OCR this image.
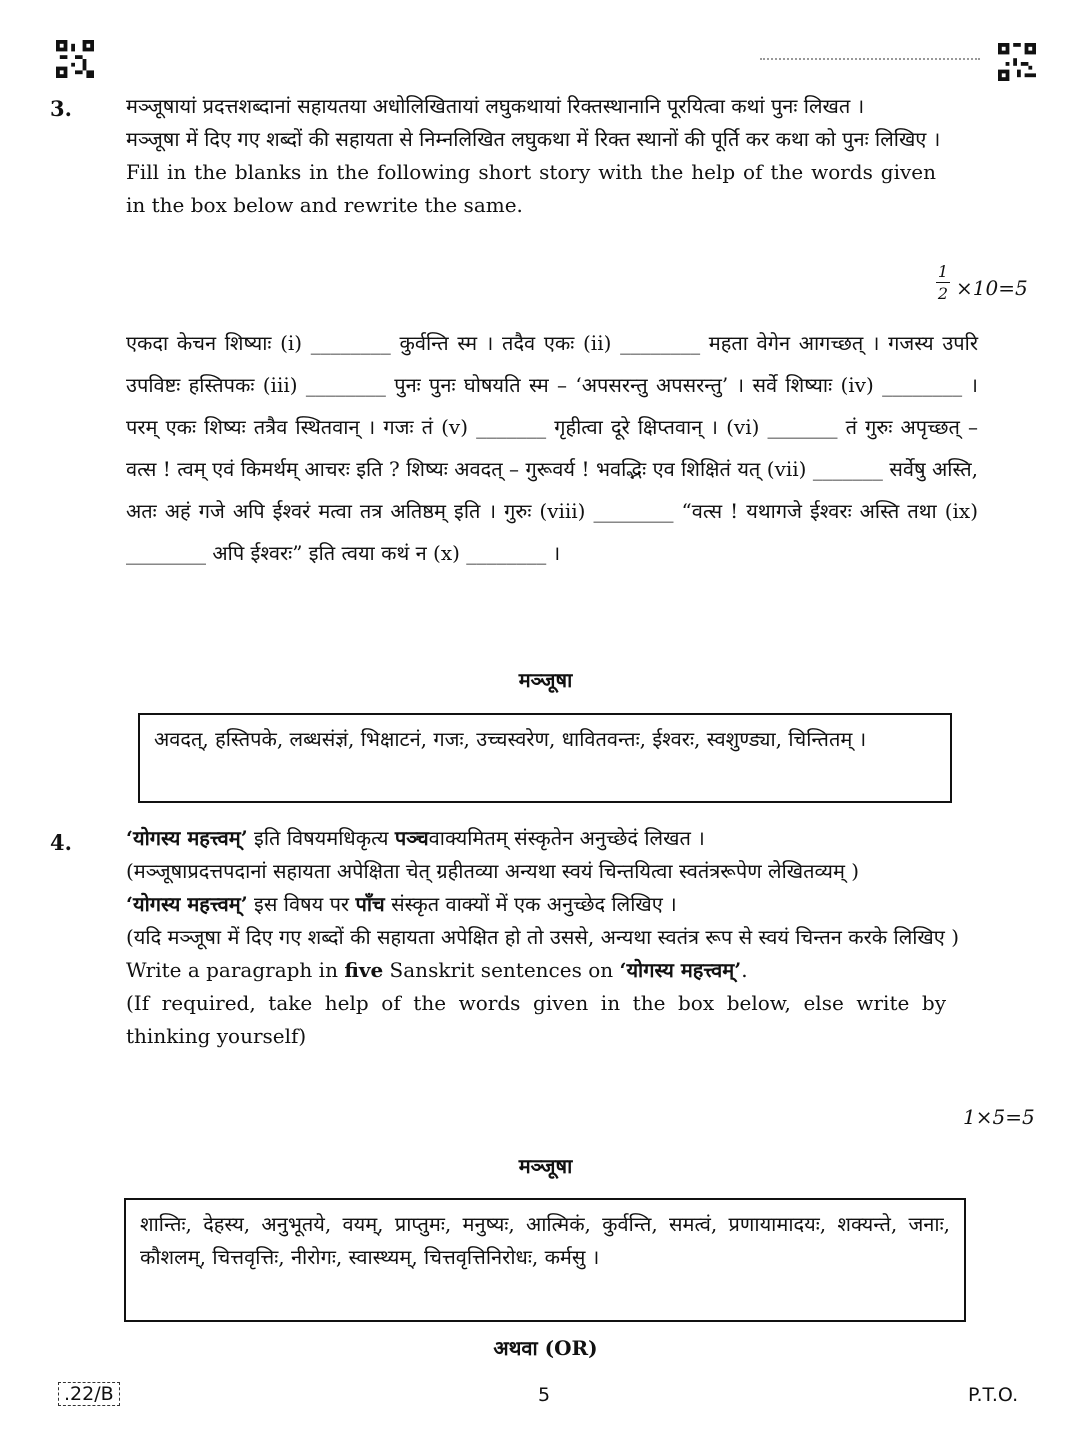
3.	मञ्जूषायां प्रदत्तशब्दानां सहायतया अधोलिखितायां लघुकथायां रिक्तस्थानानि पूरयित्वा कथां पुनः लिखत ।
मञ्जूषा में दिए गए शब्दों की सहायता से निम्नलिखित लघुकथा में रिक्त स्थानों की पूर्ति कर कथा को पुनः लिखिए ।
Fill in the blanks in the following short story with the help of the words given in the box below and rewrite the same.
1
2 ×10=5
एकदा केचन शिष्याः (i) ________ कुर्वन्ति स्म । तदैव एकः (ii) ________ महता वेगेन आगच्छत् । गजस्य उपरि उपविष्टः हस्तिपकः (iii) ________ पुनः पुनः घोषयति स्म – ‘अपसरन्तु अपसरन्तु’ । सर्वे शिष्याः (iv) ________ । परम् एकः शिष्यः तत्रैव स्थितवान् । गजः तं (v) _______ गृहीत्वा दूरे क्षिप्तवान् । (vi) _______ तं गुरुः अपृच्छत् – वत्स ! त्वम् एवं किमर्थम् आचरः इति ? शिष्यः अवदत् – गुरूवर्य ! भवद्भिः एव शिक्षितं यत् (vii) _______ सर्वेषु अस्ति, अतः अहं गजे अपि ईश्वरं मत्वा तत्र अतिष्ठम् इति । गुरुः (viii) ________ “वत्स ! यथागजे ईश्वरः अस्ति तथा (ix) ________ अपि ईश्वरः” इति त्वया कथं न (x) ________ ।
मञ्जूषा
अवदत्, हस्तिपके, लब्धसंज्ञं, भिक्षाटनं, गजः, उच्चस्वरेण, धावितवन्तः, ईश्वरः, स्वशुण्ड्या, चिन्तितम् ।
4.	‘योगस्य महत्त्वम्’ इति विषयमधिकृत्य पञ्चवाक्यमितम् संस्कृतेन अनुच्छेदं लिखत ।
(मञ्जूषाप्रदत्तपदानां सहायता अपेक्षिता चेत् ग्रहीतव्या अन्यथा स्वयं चिन्तयित्वा स्वतंत्ररूपेण लेखितव्यम् )
‘योगस्य महत्त्वम्’ इस विषय पर पाँच संस्कृत वाक्यों में एक अनुच्छेद लिखिए ।
(यदि मञ्जूषा में दिए गए शब्दों की सहायता अपेक्षित हो तो उससे, अन्यथा स्वतंत्र रूप से स्वयं चिन्तन करके लिखिए )
Write a paragraph in five Sanskrit sentences on ‘योगस्य महत्त्वम्’.
(If required, take help of the words given in the box below, else write by thinking yourself)
1×5=5
मञ्जूषा
शान्तिः, देहस्य, अनुभूतये, वयम्, प्राप्तुमः, मनुष्यः, आत्मिकं, कुर्वन्ति, समत्वं, प्रणायामादयः, शक्यन्ते, जनाः, कौशलम्, चित्तवृत्तिः, नीरोगः, स्वास्थ्यम्, चित्तवृत्तिनिरोधः, कर्मसु ।
अथवा (OR)
.22/B	5	P.T.O.
